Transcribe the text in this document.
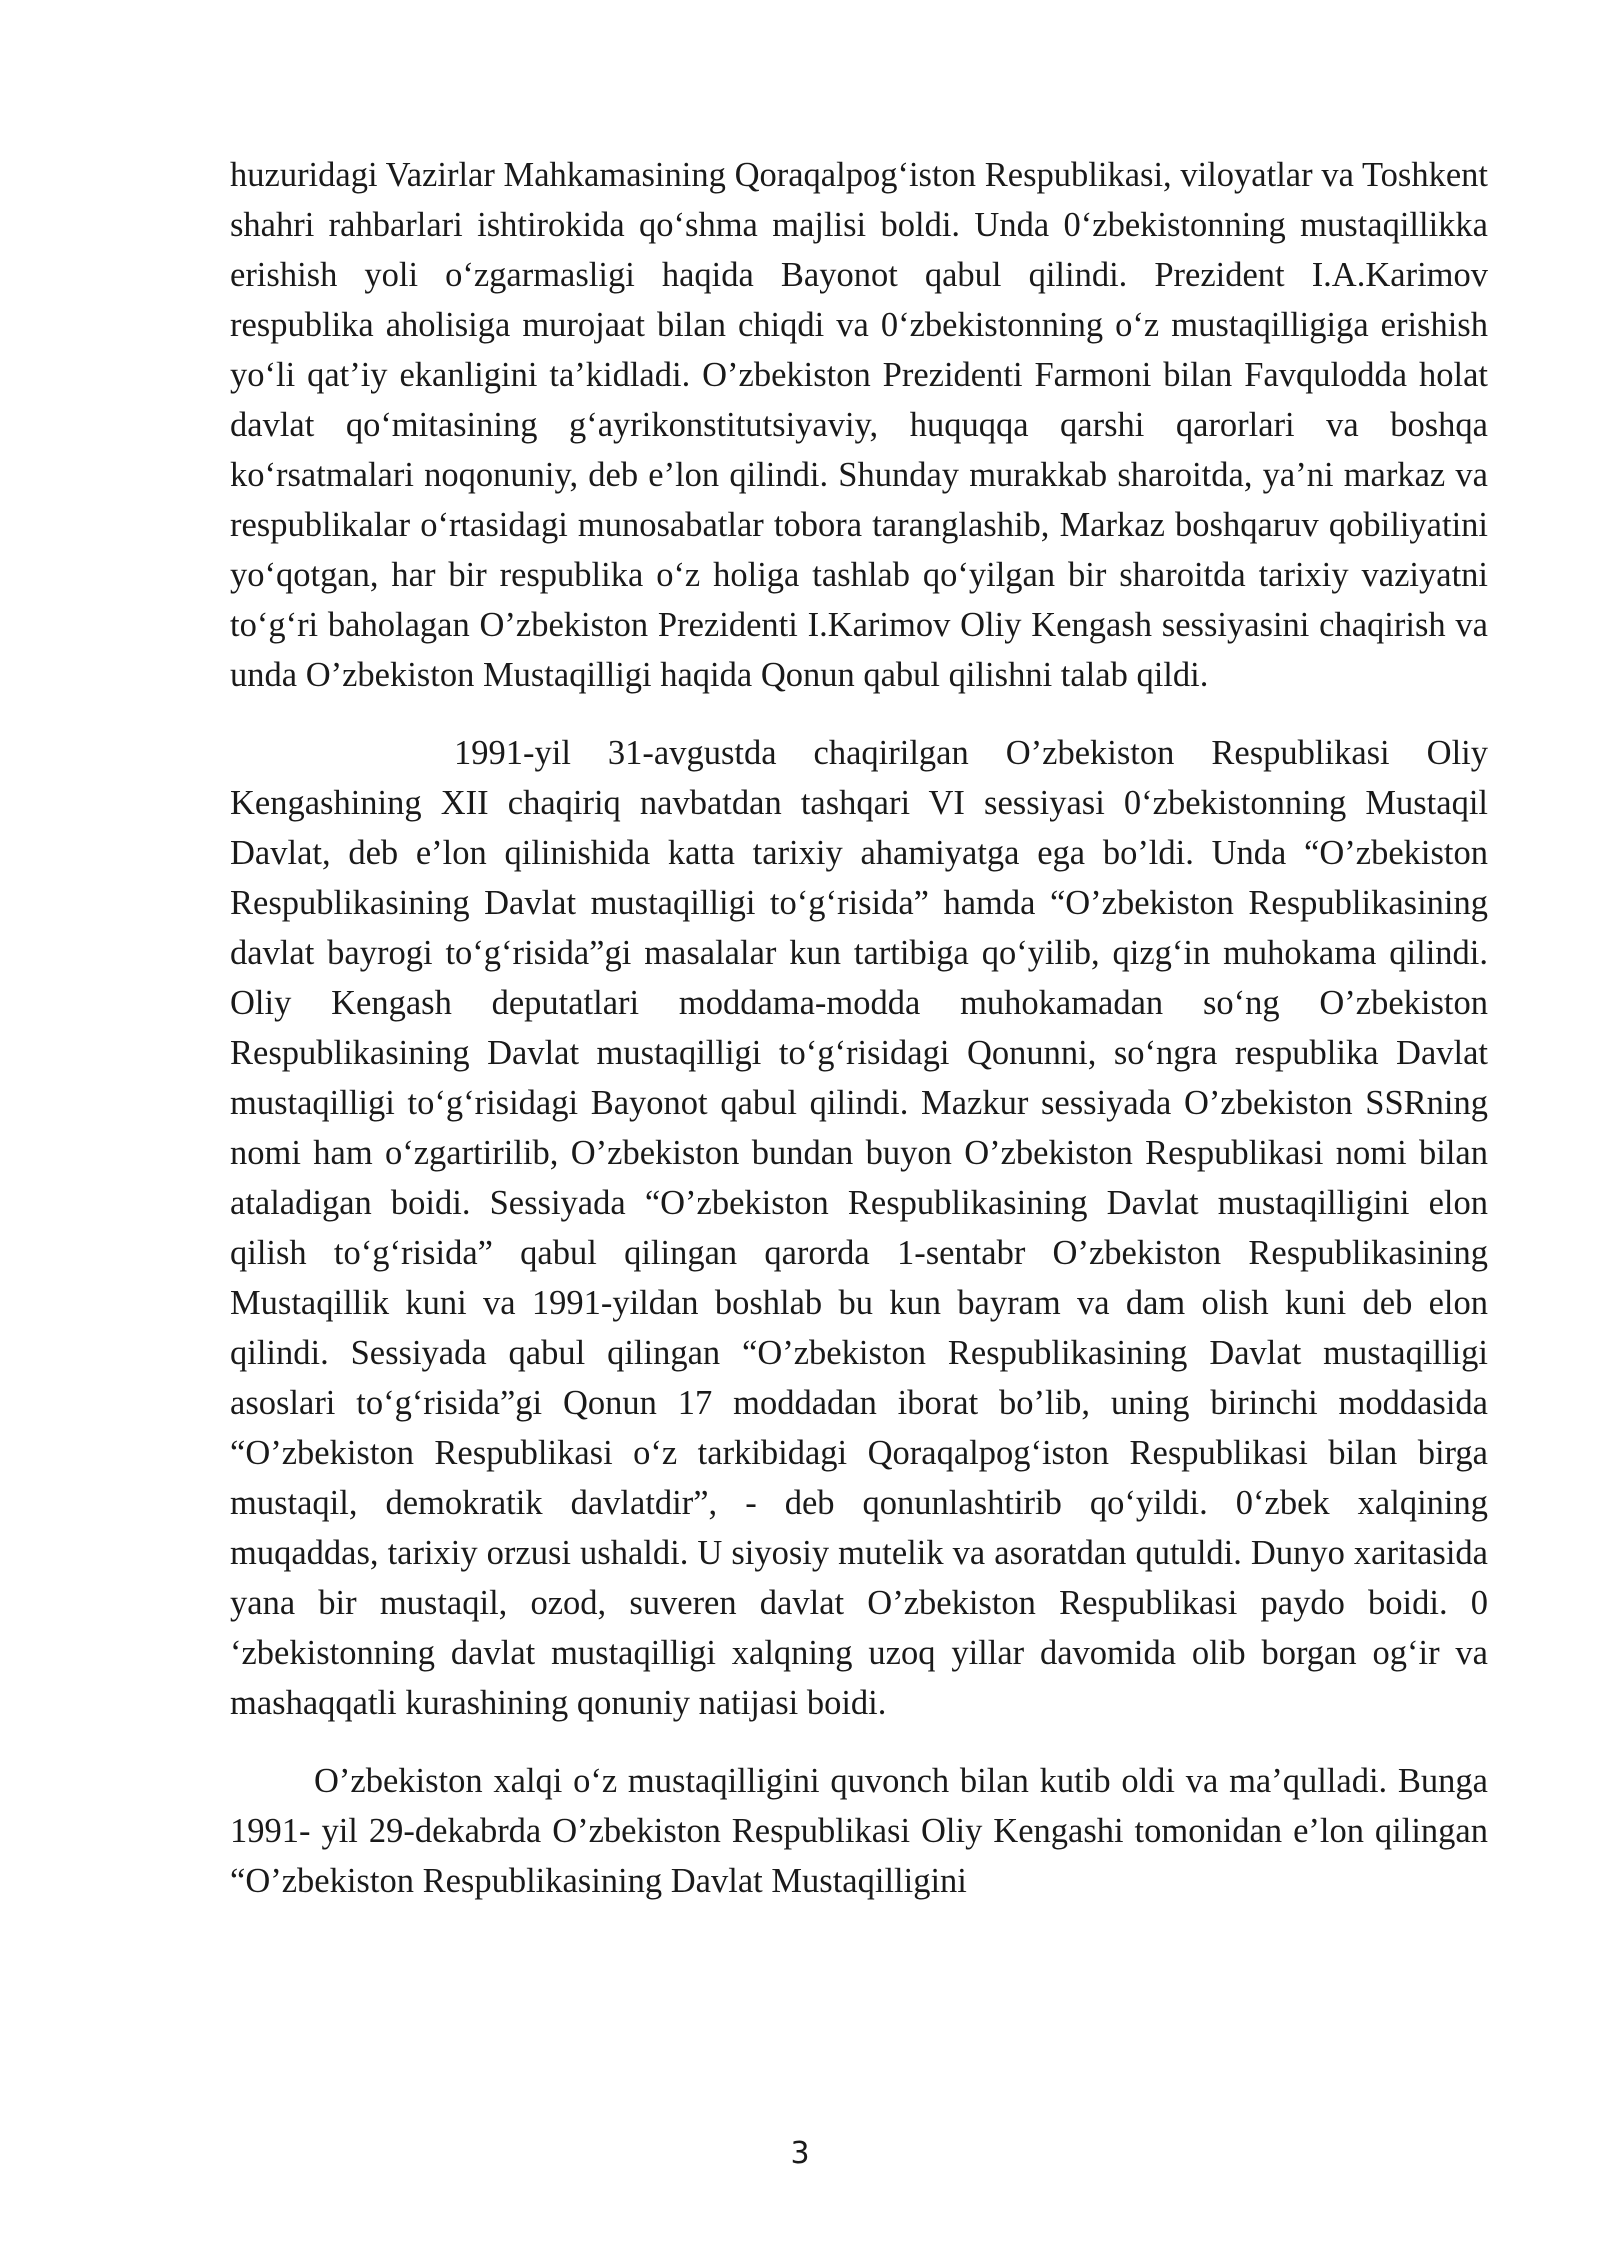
huzuridagi Vazirlar Mahkamasining Qoraqalpog‘iston Respublikasi, viloyatlar va Toshkent shahri rahbarlari ishtirokida qo‘shma majlisi boldi. Unda 0‘zbekistonning mustaqillikka erishish yoli o‘zgarmasligi haqida Bayonot qabul qilindi. Prezident I.A.Karimov respublika aholisiga murojaat bilan chiqdi va 0‘zbekistonning o‘z mustaqilligiga erishish yo‘li qat’iy ekanligini ta’kidladi. O’zbekiston Prezidenti Farmoni bilan Favqulodda holat davlat qo‘mitasining g‘ayrikonstitutsiyaviy, huquqqa qarshi qarorlari va boshqa ko‘rsatmalari noqonuniy, deb e’lon qilindi. Shunday murakkab sharoitda, ya’ni markaz va respublikalar o‘rtasidagi munosabatlar tobora taranglashib, Markaz boshqaruv qobiliyatini yo‘qotgan, har bir respublika o‘z holiga tashlab qo‘yilgan bir sharoitda tarixiy vaziyatni to‘g‘ri baholagan O’zbekiston Prezidenti I.Karimov Oliy Kengash sessiyasini chaqirish va unda O’zbekiston Mustaqilligi haqida Qonun qabul qilishni talab qildi.

1991-yil 31-avgustda chaqirilgan O’zbekiston Respublikasi Oliy Kengashining XII chaqiriq navbatdan tashqari VI sessiyasi 0‘zbekistonning Mustaqil Davlat, deb e’lon qilinishida katta tarixiy ahamiyatga ega bo’ldi. Unda “O’zbekiston Respublikasining Davlat mustaqilligi to‘g‘risida” hamda “O’zbekiston Respublikasining davlat bayrogi to‘g‘risida”gi masalalar kun tartibiga qo‘yilib, qizg‘in muhokama qilindi. Oliy Kengash deputatlari moddama-modda muhokamadan so‘ng O’zbekiston Respublikasining Davlat mustaqilligi to‘g‘risidagi Qonunni, so‘ngra respublika Davlat mustaqilligi to‘g‘risidagi Bayonot qabul qilindi. Mazkur sessiyada O’zbekiston SSRning nomi ham o‘zgartirilib, O’zbekiston bundan buyon O’zbekiston Respublikasi nomi bilan ataladigan boidi. Sessiyada “O’zbekiston Respublikasining Davlat mustaqilligini elon qilish to‘g‘risida” qabul qilingan qarorda 1-sentabr O’zbekiston Respublikasining Mustaqillik kuni va 1991-yildan boshlab bu kun bayram va dam olish kuni deb elon qilindi. Sessiyada qabul qilingan “O’zbekiston Respublikasining Davlat mustaqilligi asoslari to‘g‘risida”gi Qonun 17 moddadan iborat bo’lib, uning birinchi moddasida “O’zbekiston Respublikasi o‘z tarkibidagi Qoraqalpog‘iston Respublikasi bilan birga mustaqil, demokratik davlatdir”, - deb qonunlashtirib qo‘yildi. 0‘zbek xalqining muqaddas, tarixiy orzusi ushaldi. U siyosiy mutelik va asoratdan qutuldi. Dunyo xaritasida yana bir mustaqil, ozod, suveren davlat O’zbekiston Respublikasi paydo boidi. 0 ‘zbekistonning davlat mustaqilligi xalqning uzoq yillar davomida olib borgan og‘ir va mashaqqatli kurashining qonuniy natijasi boidi.

O’zbekiston xalqi o‘z mustaqilligini quvonch bilan kutib oldi va ma’qulladi. Bunga 1991- yil 29-dekabrda O’zbekiston Respublikasi Oliy Kengashi tomonidan e’lon qilingan “O’zbekiston Respublikasining Davlat Mustaqilligini

3
